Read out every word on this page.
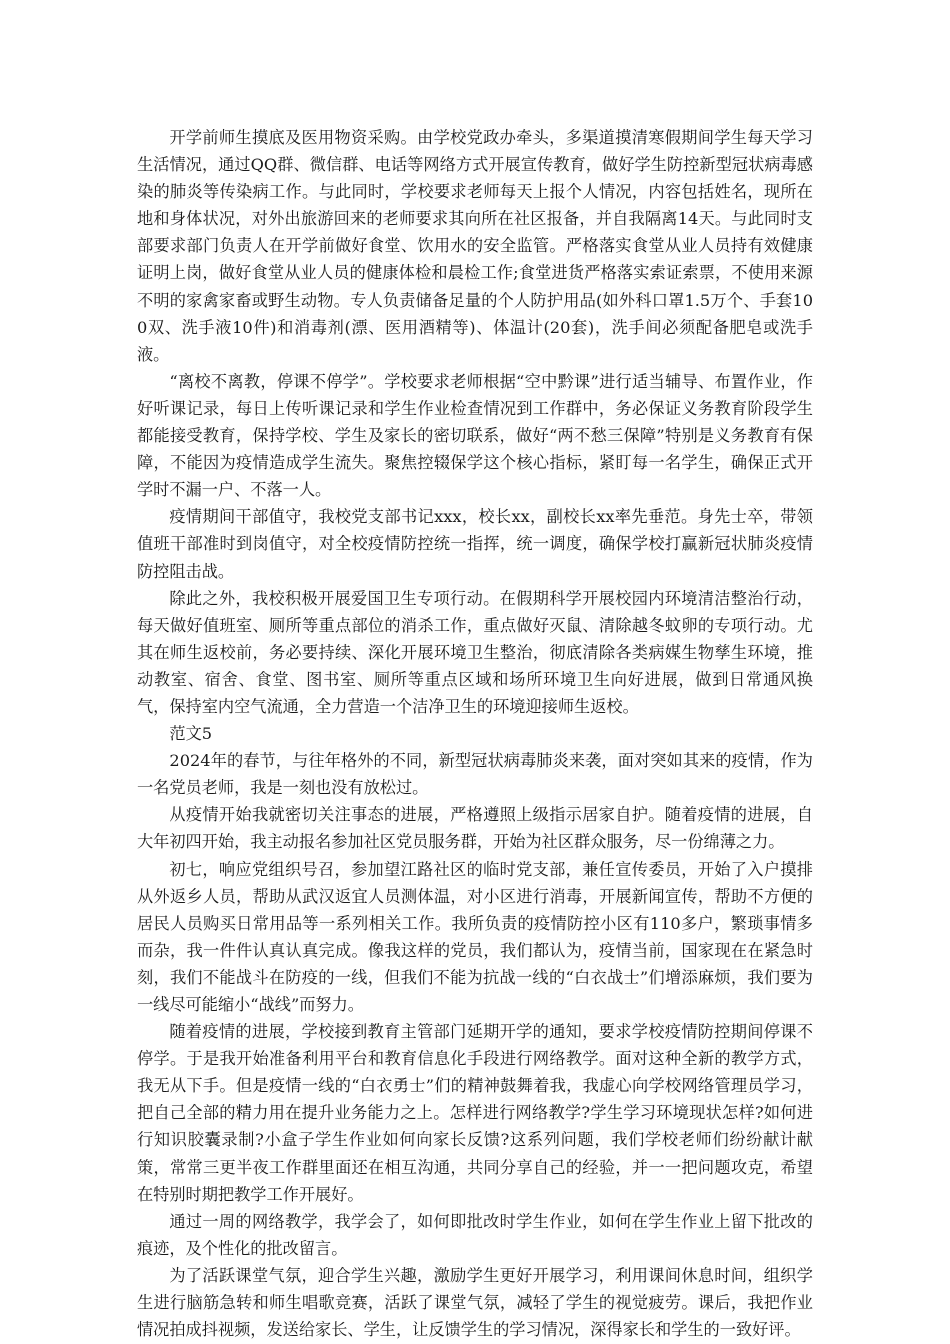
开学前师生摸底及医用物资采购。由学校党政办牵头，多渠道摸清寒假期间学生每天学习生活情况，通过QQ群、微信群、电话等网络方式开展宣传教育，做好学生防控新型冠状病毒感染的肺炎等传染病工作。与此同时，学校要求老师每天上报个人情况，内容包括姓名，现所在地和身体状况，对外出旅游回来的老师要求其向所在社区报备，并自我隔离14天。与此同时支部要求部门负责人在开学前做好食堂、饮用水的安全监管。严格落实食堂从业人员持有效健康证明上岗，做好食堂从业人员的健康体检和晨检工作;食堂进货严格落实索证索票，不使用来源不明的家禽家畜或野生动物。专人负责储备足量的个人防护用品(如外科口罩1.5万个、手套100双、洗手液10件)和消毒剂(漂、医用酒精等)、体温计(20套)，洗手间必须配备肥皂或洗手液。

“离校不离教，停课不停学”。学校要求老师根据“空中黔课”进行适当辅导、布置作业，作好听课记录，每日上传听课记录和学生作业检查情况到工作群中，务必保证义务教育阶段学生都能接受教育，保持学校、学生及家长的密切联系，做好“两不愁三保障”特别是义务教育有保障，不能因为疫情造成学生流失。聚焦控辍保学这个核心指标，紧盯每一名学生，确保正式开学时不漏一户、不落一人。

疫情期间干部值守，我校党支部书记xxx，校长xx，副校长xx率先垂范。身先士卒，带领值班干部准时到岗值守，对全校疫情防控统一指挥，统一调度，确保学校打赢新冠状肺炎疫情防控阻击战。

除此之外，我校积极开展爱国卫生专项行动。在假期科学开展校园内环境清洁整治行动，每天做好值班室、厕所等重点部位的消杀工作，重点做好灭鼠、清除越冬蚊卵的专项行动。尤其在师生返校前，务必要持续、深化开展环境卫生整治，彻底清除各类病媒生物孳生环境，推动教室、宿舍、食堂、图书室、厕所等重点区域和场所环境卫生向好进展，做到日常通风换气，保持室内空气流通，全力营造一个洁净卫生的环境迎接师生返校。

范文5

2024年的春节，与往年格外的不同，新型冠状病毒肺炎来袭，面对突如其来的疫情，作为一名党员老师，我是一刻也没有放松过。

从疫情开始我就密切关注事态的进展，严格遵照上级指示居家自护。随着疫情的进展，自大年初四开始，我主动报名参加社区党员服务群，开始为社区群众服务，尽一份绵薄之力。

初七，响应党组织号召，参加望江路社区的临时党支部，兼任宣传委员，开始了入户摸排从外返乡人员，帮助从武汉返宜人员测体温，对小区进行消毒，开展新闻宣传，帮助不方便的居民人员购买日常用品等一系列相关工作。我所负责的疫情防控小区有110多户，繁琐事情多而杂，我一件件认真认真完成。像我这样的党员，我们都认为，疫情当前，国家现在在紧急时刻，我们不能战斗在防疫的一线，但我们不能为抗战一线的“白衣战士”们增添麻烦，我们要为一线尽可能缩小“战线”而努力。

随着疫情的进展，学校接到教育主管部门延期开学的通知，要求学校疫情防控期间停课不停学。于是我开始准备利用平台和教育信息化手段进行网络教学。面对这种全新的教学方式，我无从下手。但是疫情一线的“白衣勇士”们的精神鼓舞着我，我虚心向学校网络管理员学习，把自己全部的精力用在提升业务能力之上。怎样进行网络教学?学生学习环境现状怎样?如何进行知识胶囊录制?小盒子学生作业如何向家长反馈?这系列问题，我们学校老师们纷纷献计献策，常常三更半夜工作群里面还在相互沟通，共同分享自己的经验，并一一把问题攻克，希望在特别时期把教学工作开展好。

通过一周的网络教学，我学会了，如何即批改时学生作业，如何在学生作业上留下批改的痕迹，及个性化的批改留言。

为了活跃课堂气氛，迎合学生兴趣，激励学生更好开展学习，利用课间休息时间，组织学生进行脑筋急转和师生唱歌竞赛，活跃了课堂气氛，减轻了学生的视觉疲劳。课后，我把作业情况拍成抖视频，发送给家长、学生，让反馈学生的学习情况，深得家长和学生的一致好评。
